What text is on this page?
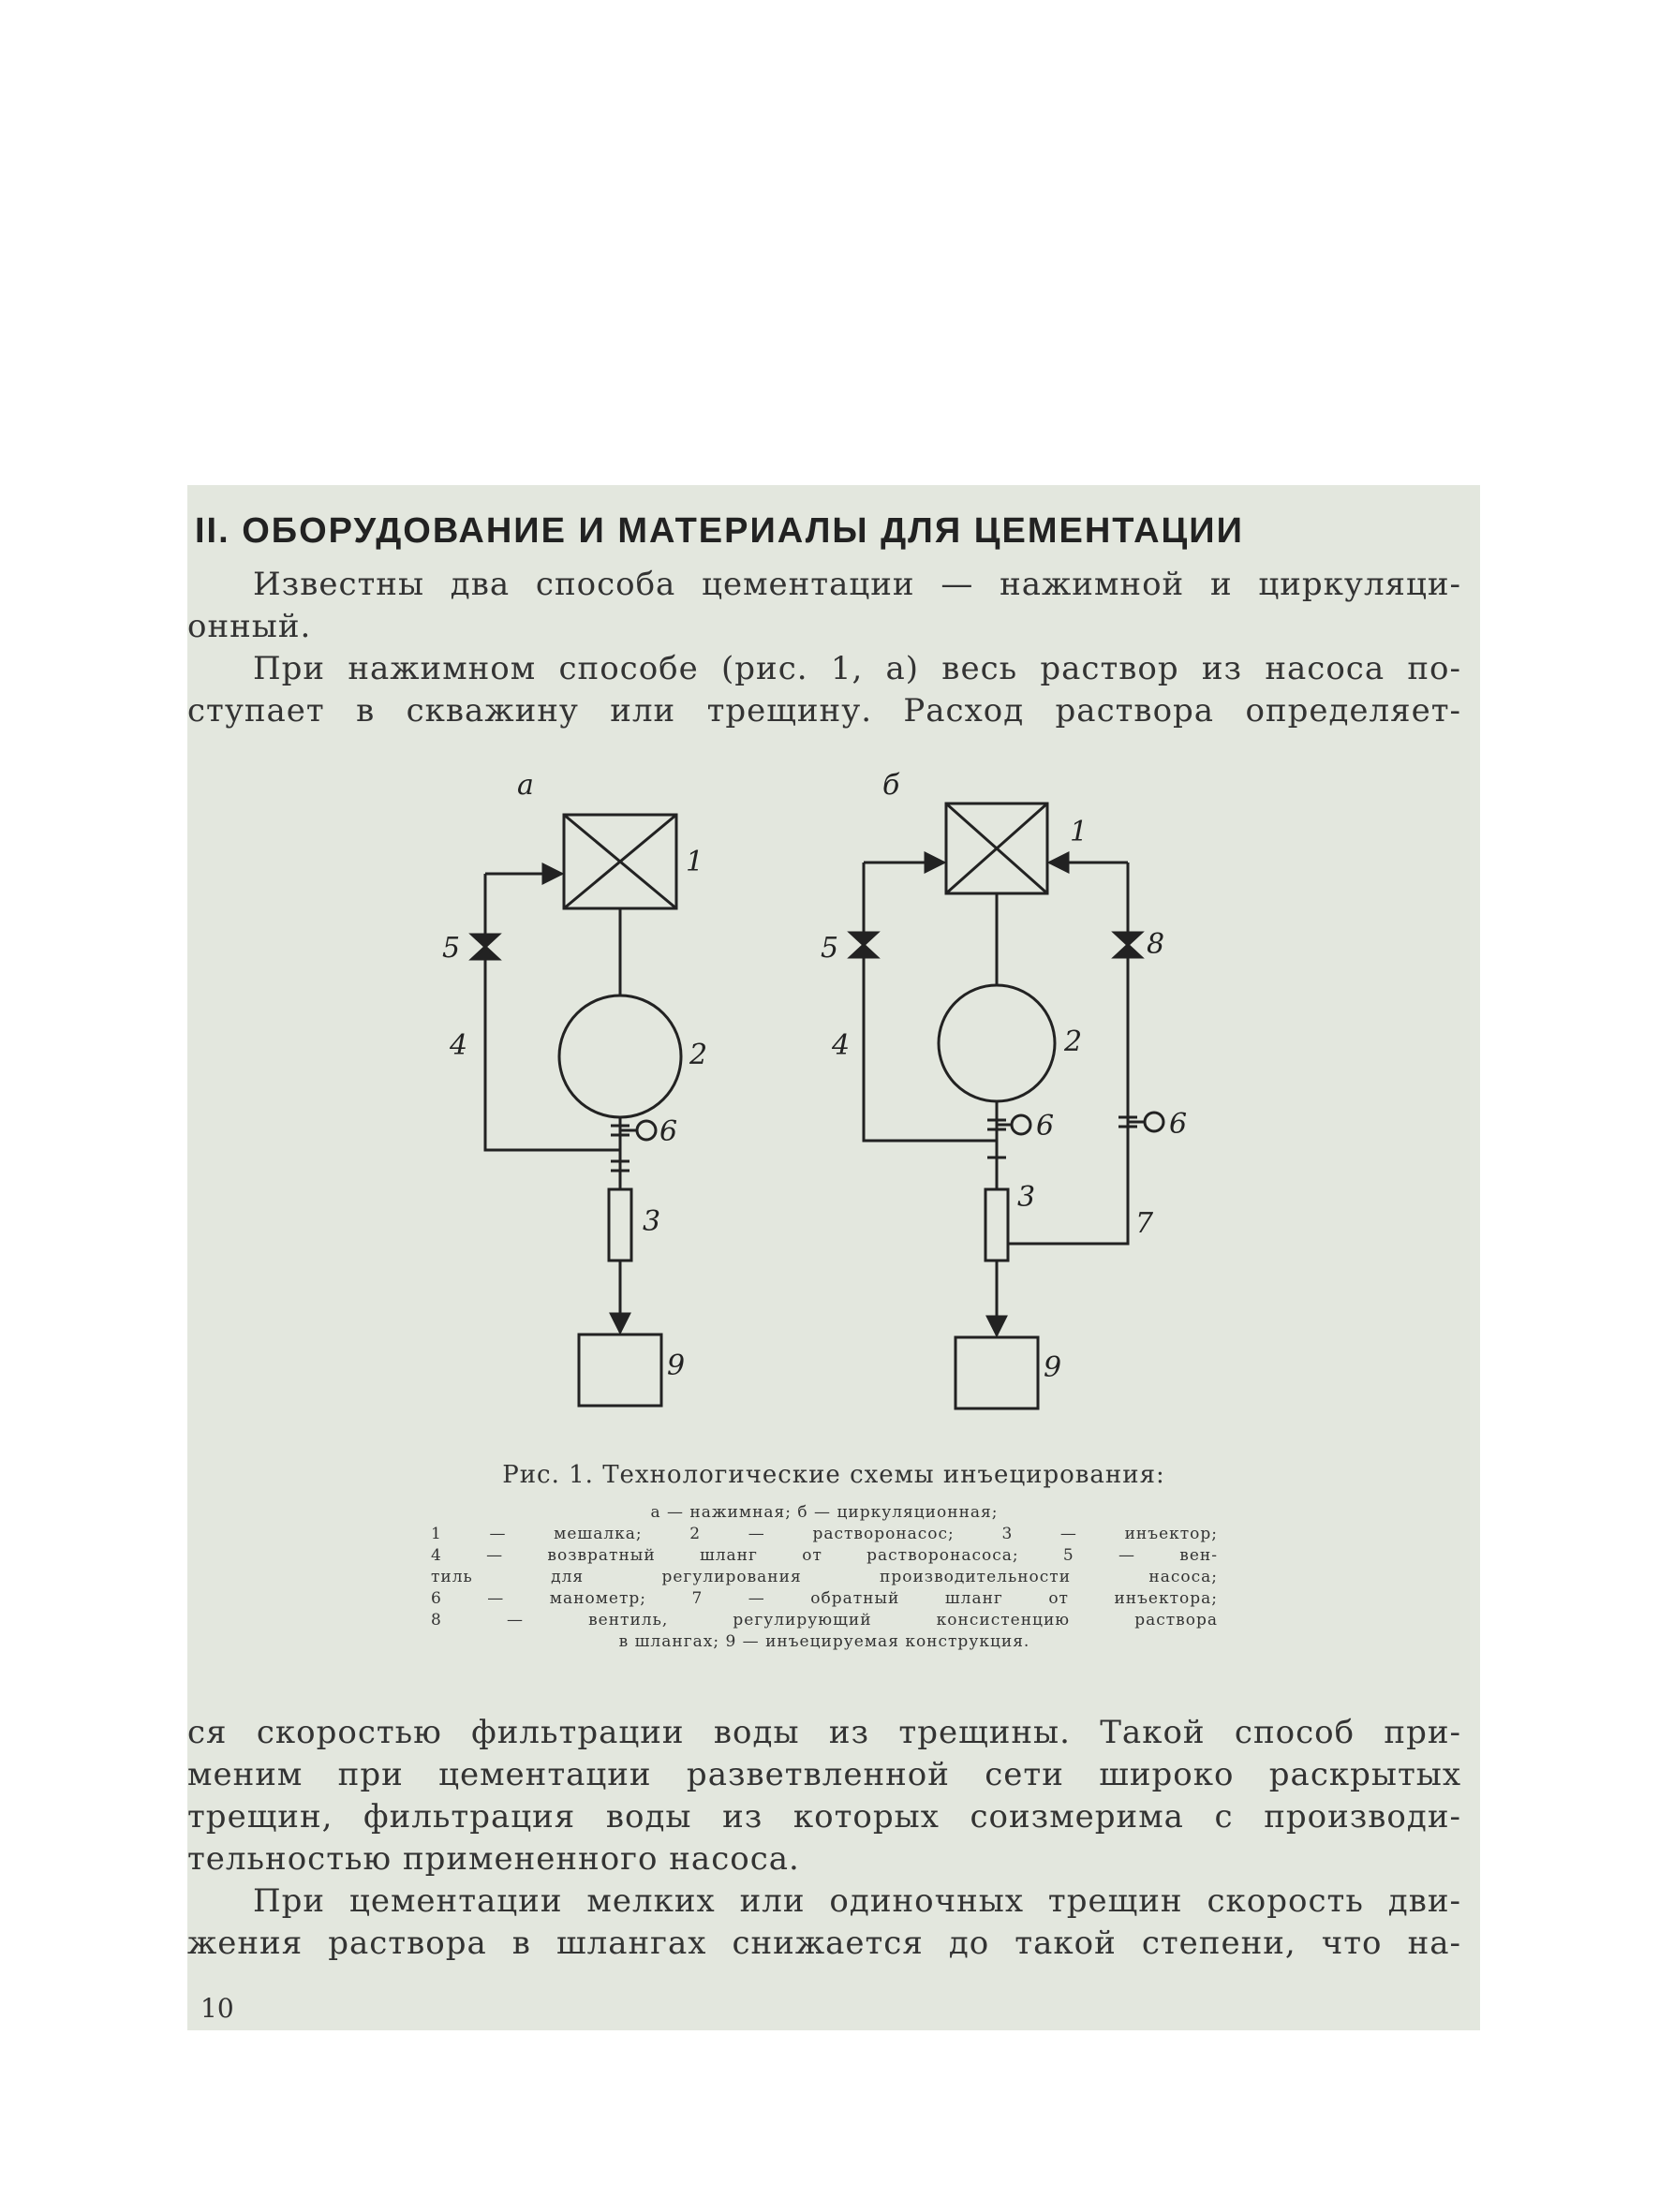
II. ОБОРУДОВАНИЕ И МАТЕРИАЛЫ ДЛЯ ЦЕМЕНТАЦИИ
Известны два способа цементации — нажимной и циркуляци-
онный.
При нажимном способе (рис. 1, а) весь раствор из насоса по-
ступает в скважину или трещину. Расход раствора определяет-
а
1
2
3
4
5
6
9
б
1
2
3
4
5
6	6
7
8
9
Рис. 1. Технологические схемы инъецирования:
а — нажимная; б — циркуляционная;
1 — мешалка; 2 — растворонасос; 3 — инъектор;
4 — возвратный шланг от растворонасоса; 5 — вен-
тиль для регулирования производительности насоса;
6 — манометр; 7 — обратный шланг от инъектора;
8 — вентиль, регулирующий консистенцию раствора
в шлангах; 9 — инъецируемая конструкция.
ся скоростью фильтрации воды из трещины. Такой способ при-
меним при цементации разветвленной сети широко раскрытых
трещин, фильтрация воды из которых соизмерима с производи-
тельностью примененного насоса.
При цементации мелких или одиночных трещин скорость дви-
жения раствора в шлангах снижается до такой степени, что на-
10
